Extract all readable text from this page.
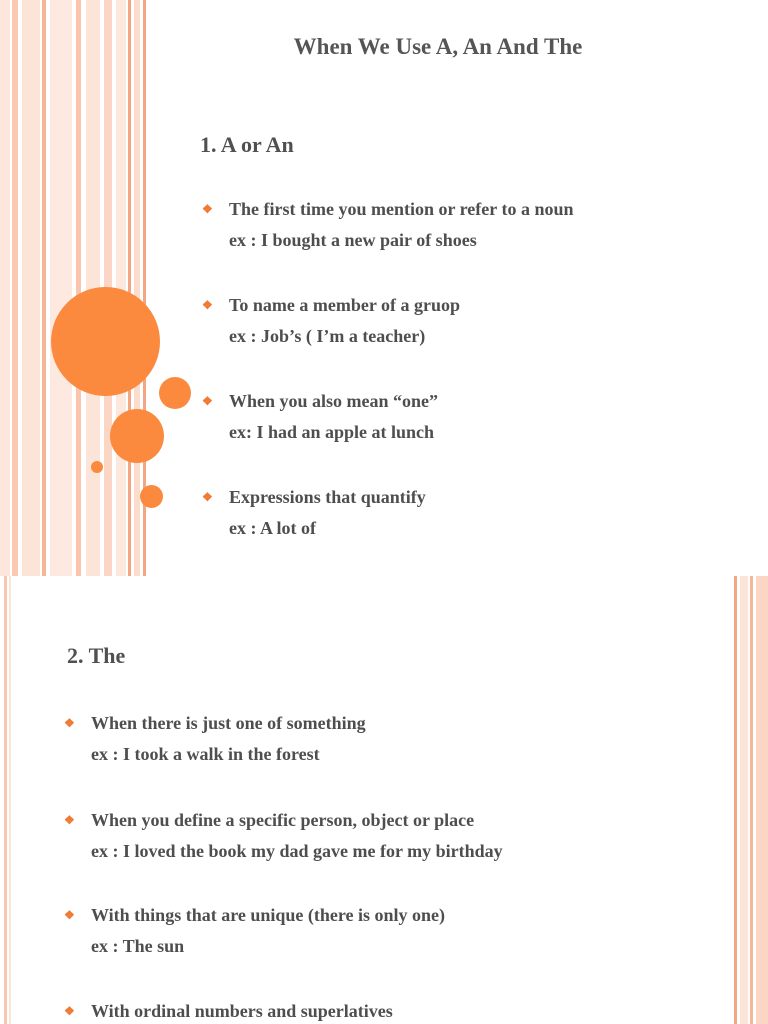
When We Use A, An And The
1. A or An
❖ The first time you mention or refer to a noun
ex : I bought a new pair of shoes
❖ To name a member of a gruop
ex : Job’s ( I’m a teacher)
❖ When you also mean “one”
ex: I had an apple at lunch
❖ Expressions that quantify
ex : A lot of
2. The
❖ When there is just one of something
ex : I took a walk in the forest
❖ When you define a specific person, object or place
ex : I loved the book my dad gave me for my birthday
❖ With things that are unique (there is only one)
ex : The sun
❖ With ordinal numbers and superlatives
